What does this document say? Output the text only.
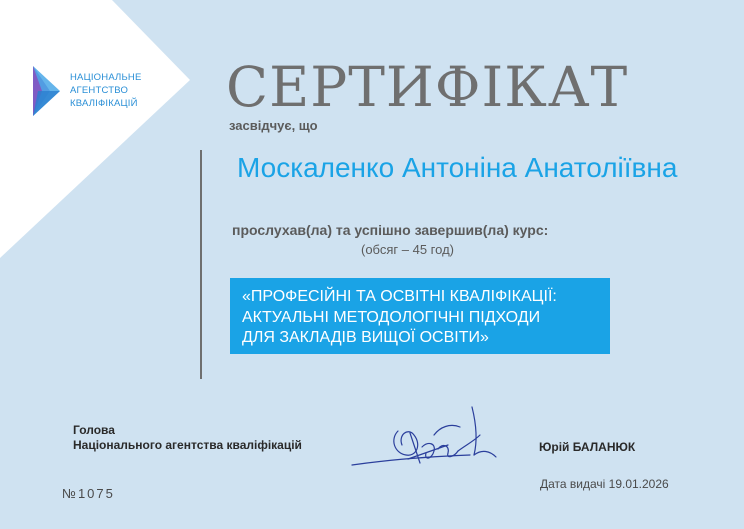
НАЦІОНАЛЬНЕ
АГЕНТСТВО
КВАЛІФІКАЦІЙ СЕРТИФІКАТ
засвідчує, що
Москаленко Антоніна Анатоліївна
прослухав(ла) та успішно завершив(ла) курс:
(обсяг – 45 год)
«ПРОФЕСІЙНІ ТА ОСВІТНІ КВАЛІФІКАЦІЇ:
АКТУАЛЬНІ МЕТОДОЛОГІЧНІ ПІДХОДИ
ДЛЯ ЗАКЛАДІВ ВИЩОЇ ОСВІТИ»
Голова
Національного агентства кваліфікацій	Юрій БАЛАНЮК
№1075
Дата видачі 19.01.2026
